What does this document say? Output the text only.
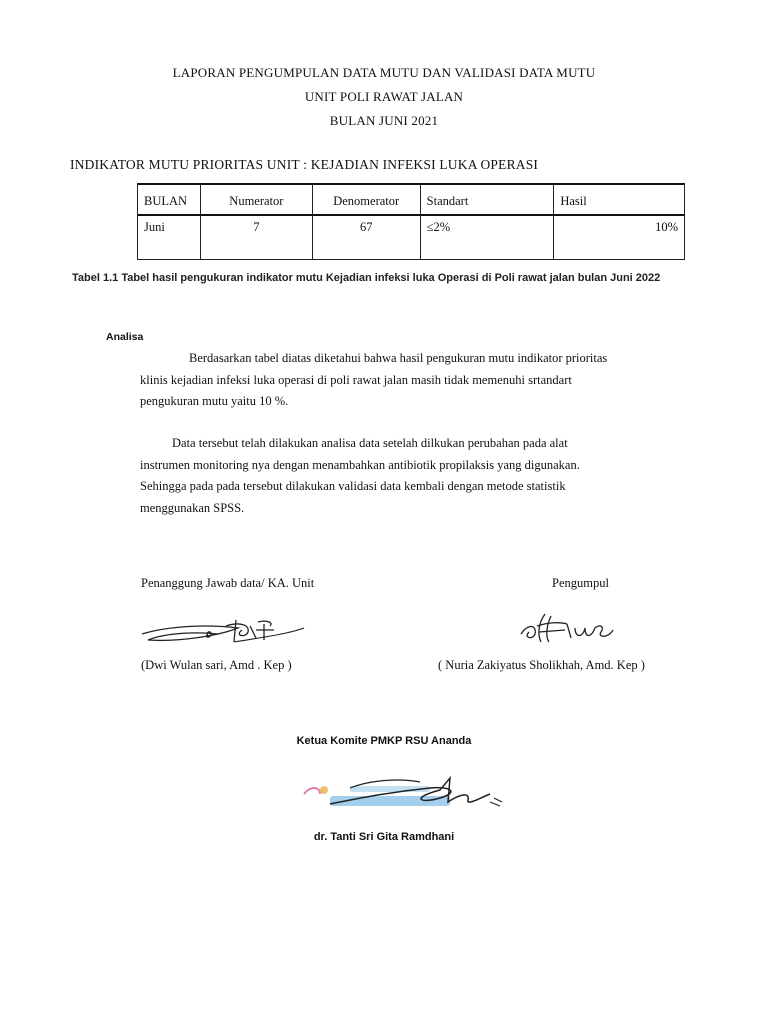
LAPORAN PENGUMPULAN DATA MUTU DAN VALIDASI DATA MUTU
UNIT POLI RAWAT JALAN
BULAN JUNI 2021
INDIKATOR MUTU PRIORITAS UNIT : KEJADIAN INFEKSI LUKA OPERASI
BULAN	Numerator	Denomerator	Standart	Hasil
Juni	7	67	≤2%	10%
Tabel 1.1 Tabel hasil pengukuran indikator mutu Kejadian infeksi luka Operasi di Poli rawat jalan bulan Juni 2022
Analisa
Berdasarkan tabel diatas diketahui bahwa hasil pengukuran mutu indikator prioritas
klinis kejadian infeksi luka operasi di poli rawat jalan masih tidak memenuhi srtandart
pengukuran mutu yaitu 10 %.
Data tersebut telah dilakukan analisa data setelah dilkukan perubahan pada alat
instrumen monitoring nya dengan menambahkan antibiotik propilaksis yang digunakan.
Sehingga pada pada tersebut dilakukan validasi data kembali dengan metode statistik
menggunakan SPSS.
Penanggung Jawab data/ KA. Unit	Pengumpul
(Dwi Wulan sari, Amd . Kep )	( Nuria Zakiyatus Sholikhah, Amd. Kep )
Ketua Komite PMKP RSU Ananda
dr. Tanti Sri Gita Ramdhani
